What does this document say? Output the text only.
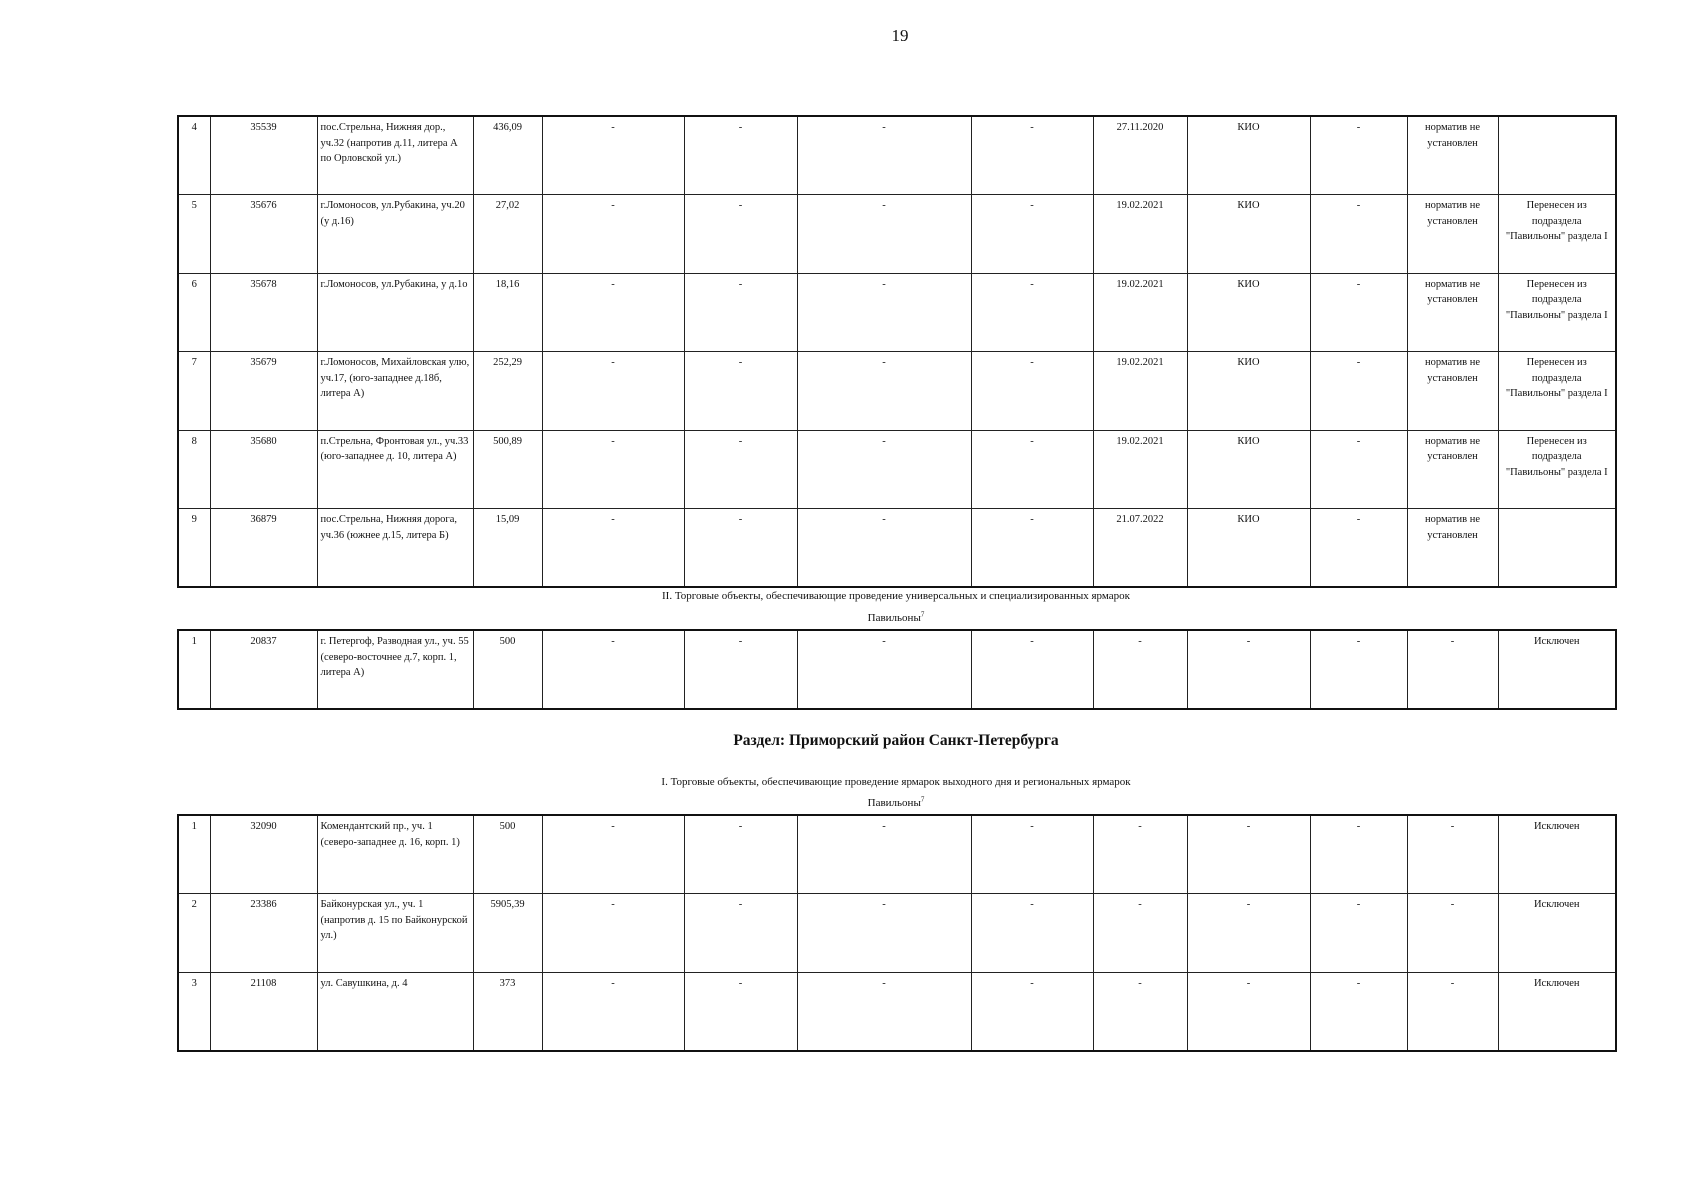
19
4	35539	пос.Стрельна, Нижняя дор., уч.32 (напротив д.11, литера А по Орловской ул.)	436,09	-	-	-	-	27.11.2020	КИО	-	норматив не установлен	
5	35676	г.Ломоносов, ул.Рубакина, уч.20 (у д.16)	27,02	-	-	-	-	19.02.2021	КИО	-	норматив не установлен	Перенесен из подраздела "Павильоны" раздела I
6	35678	г.Ломоносов, ул.Рубакина, у д.1о	18,16	-	-	-	-	19.02.2021	КИО	-	норматив не установлен	Перенесен из подраздела "Павильоны" раздела I
7	35679	г.Ломоносов, Михайловская улю, уч.17, (юго-западнее д.18б, литера А)	252,29	-	-	-	-	19.02.2021	КИО	-	норматив не установлен	Перенесен из подраздела "Павильоны" раздела I
8	35680	п.Стрельна, Фронтовая ул., уч.33 (юго-западнее д. 10, литера А)	500,89	-	-	-	-	19.02.2021	КИО	-	норматив не установлен	Перенесен из подраздела "Павильоны" раздела I
9	36879	пос.Стрельна, Нижняя дорога, уч.36 (южнее д.15, литера Б)	15,09	-	-	-	-	21.07.2022	КИО	-	норматив не установлен	
II. Торговые объекты, обеспечивающие проведение универсальных и специализированных ярмарок
Павильоны$^7$
1	20837	г. Петергоф, Разводная ул., уч. 55 (северо-восточнее д.7, корп. 1, литера А)	500	-	-	-	-	-	-	-	-	Исключен
Раздел: Приморский район Санкт-Петербурга
I. Торговые объекты, обеспечивающие проведение ярмарок выходного дня и региональных ярмарок
Павильоны$^7$
1	32090	Комендантский пр., уч. 1 (северо-западнее д. 16, корп. 1)	500	-	-	-	-	-	-	-	-	Исключен
2	23386	Байконурская ул., уч. 1 (напротив д. 15 по Байконурской ул.)	5905,39	-	-	-	-	-	-	-	-	Исключен
3	21108	ул. Савушкина, д. 4	373	-	-	-	-	-	-	-	-	Исключен
